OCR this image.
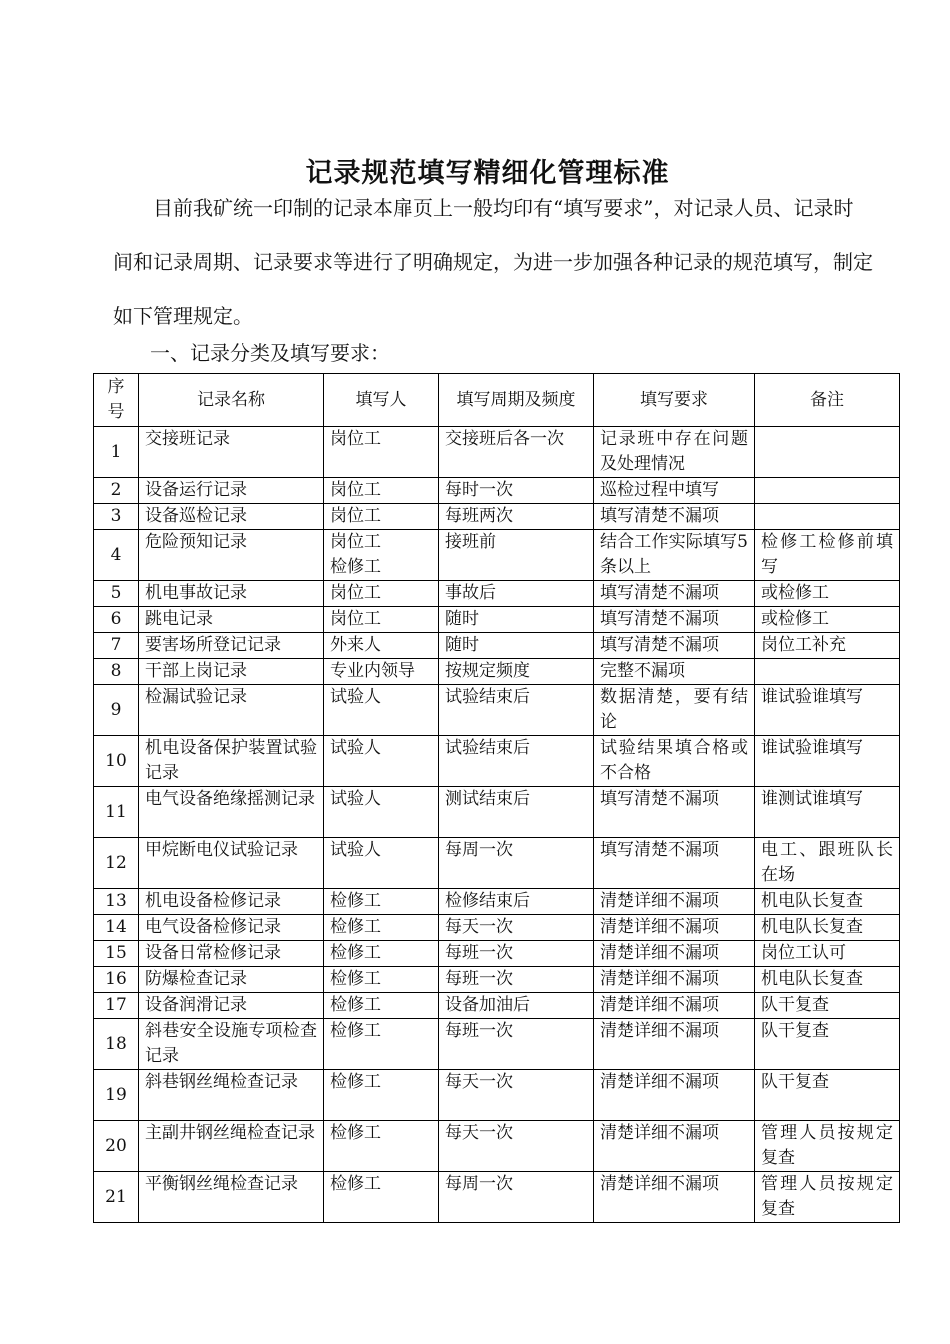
记录规范填写精细化管理标准

目前我矿统一印制的记录本扉页上一般均印有“填写要求”，对记录人员、记录时间和记录周期、记录要求等进行了明确规定，为进一步加强各种记录的规范填写，制定如下管理规定。

一、记录分类及填写要求：
序号	记录名称	填写人	填写周期及频度	填写要求	备注
1	交接班记录	岗位工	交接班后各一次	记录班中存在问题及处理情况	
2	设备运行记录	岗位工	每时一次	巡检过程中填写	
3	设备巡检记录	岗位工	每班两次	填写清楚不漏项	
4	危险预知记录	岗位工检修工	接班前	结合工作实际填写5条以上	检修工检修前填写
5	机电事故记录	岗位工	事故后	填写清楚不漏项	或检修工
6	跳电记录	岗位工	随时	填写清楚不漏项	或检修工
7	要害场所登记记录	外来人	随时	填写清楚不漏项	岗位工补充
8	干部上岗记录	专业内领导	按规定频度	完整不漏项	
9	检漏试验记录	试验人	试验结束后	数据清楚，要有结论	谁试验谁填写
10	机电设备保护装置试验记录	试验人	试验结束后	试验结果填合格或不合格	谁试验谁填写
11	电气设备绝缘摇测记录	试验人	测试结束后	填写清楚不漏项	谁测试谁填写
12	甲烷断电仪试验记录	试验人	每周一次	填写清楚不漏项	电工、跟班队长在场
13	机电设备检修记录	检修工	检修结束后	清楚详细不漏项	机电队长复查
14	电气设备检修记录	检修工	每天一次	清楚详细不漏项	机电队长复查
15	设备日常检修记录	检修工	每班一次	清楚详细不漏项	岗位工认可
16	防爆检查记录	检修工	每班一次	清楚详细不漏项	机电队长复查
17	设备润滑记录	检修工	设备加油后	清楚详细不漏项	队干复查
18	斜巷安全设施专项检查记录	检修工	每班一次	清楚详细不漏项	队干复查
19	斜巷钢丝绳检查记录	检修工	每天一次	清楚详细不漏项	队干复查
20	主副井钢丝绳检查记录	检修工	每天一次	清楚详细不漏项	管理人员按规定复查
21	平衡钢丝绳检查记录	检修工	每周一次	清楚详细不漏项	管理人员按规定复查
